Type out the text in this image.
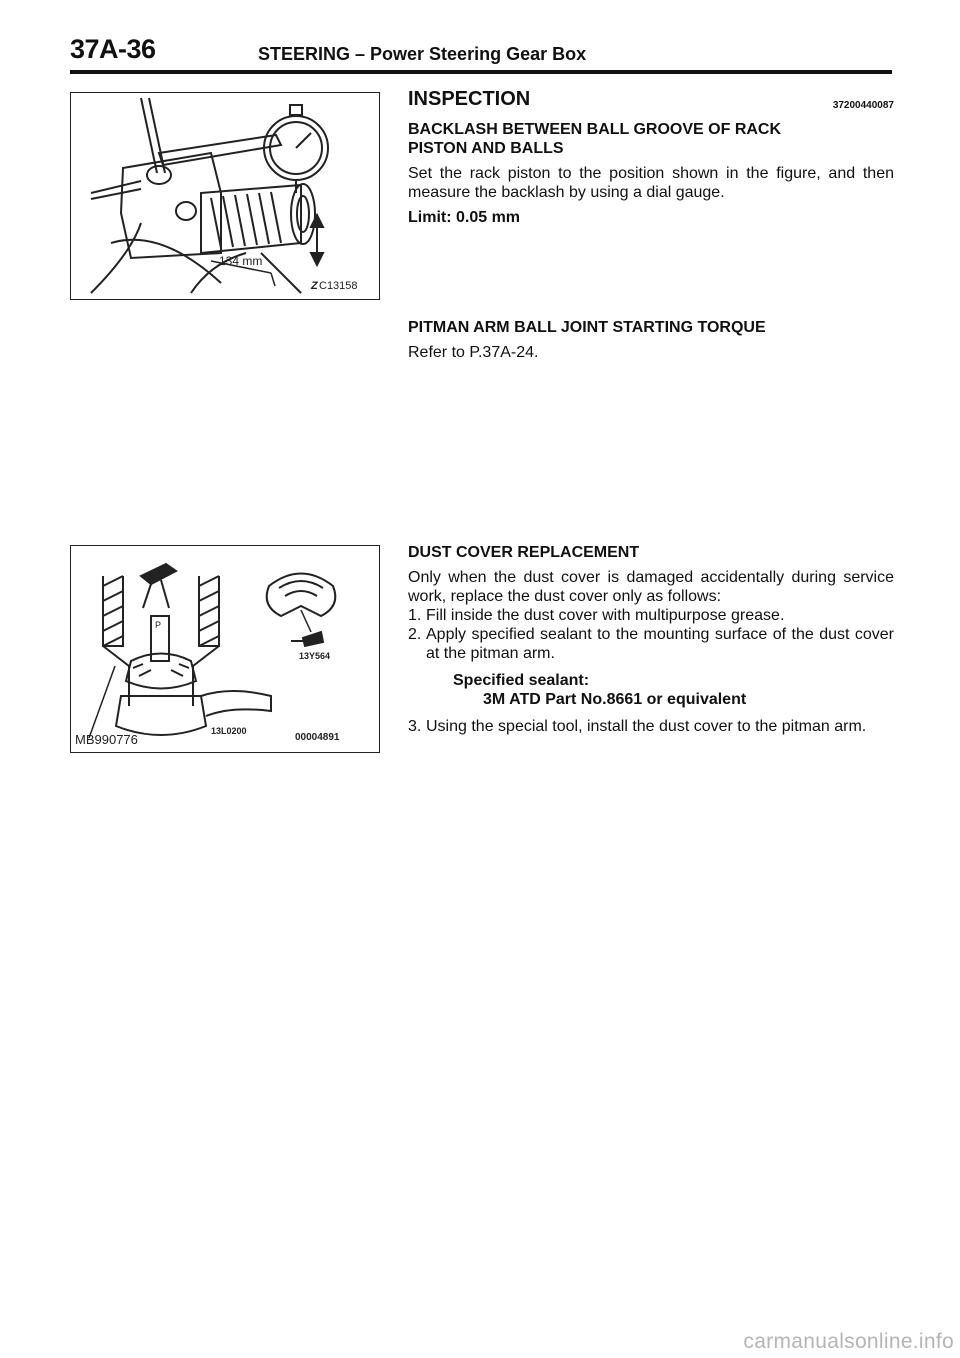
37A-36	STEERING – Power Steering Gear Box
134 mm
Z C13158
P
13Y564
MB990776
13L0200
00004891
INSPECTION	37200440087
BACKLASH BETWEEN BALL GROOVE OF RACK
PISTON AND BALLS
Set the rack piston to the position shown in the figure, and then measure the backlash by using a dial gauge.
Limit: 0.05 mm
PITMAN ARM BALL JOINT STARTING TORQUE
Refer to P.37A-24.
DUST COVER REPLACEMENT
Only when the dust cover is damaged accidentally during service work, replace the dust cover only as follows:
1. Fill inside the dust cover with multipurpose grease.
2. Apply specified sealant to the mounting surface of the dust cover at the pitman arm.
Specified sealant:
3M ATD Part No.8661 or equivalent
3. Using the special tool, install the dust cover to the pitman arm.
carmanualsonline.info
